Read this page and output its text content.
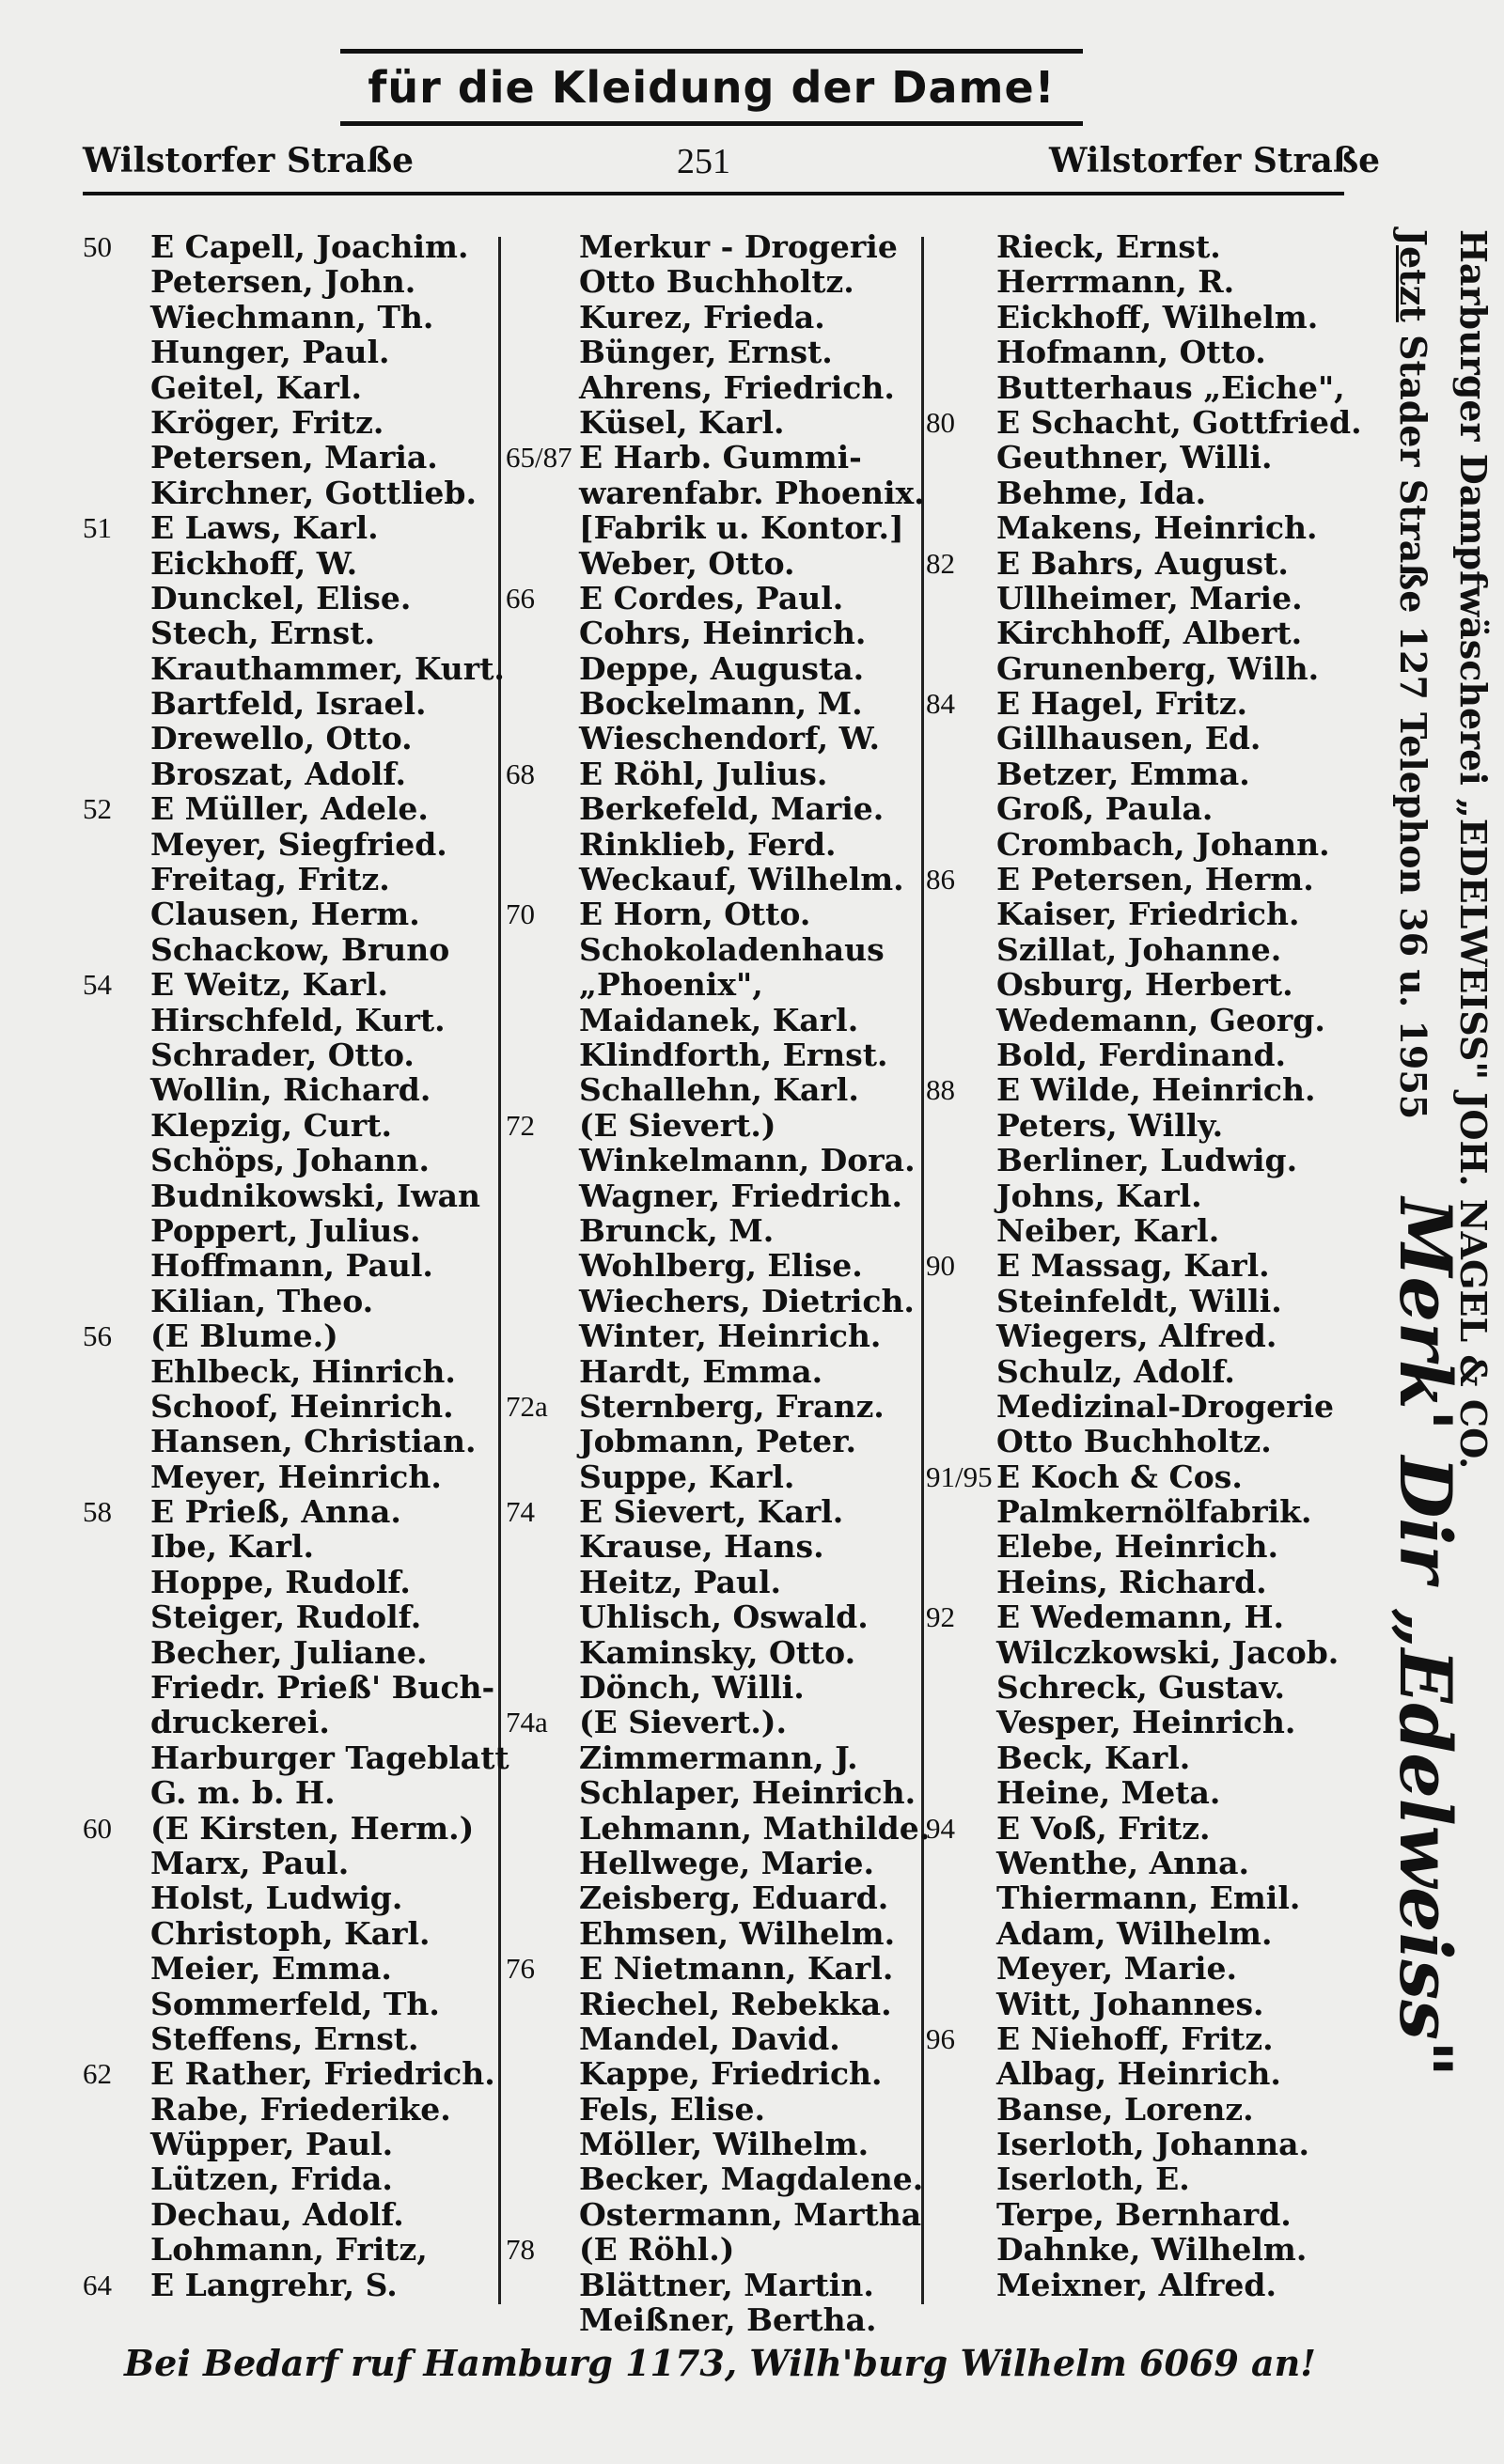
für die Kleidung der Dame!
Wilstorfer Straße	251	Wilstorfer Straße
50 E Capell, Joachim.
Petersen, John.
Wiechmann, Th.
Hunger, Paul.
Geitel, Karl.
Kröger, Fritz.
Petersen, Maria.
Kirchner, Gottlieb.
51 E Laws, Karl.
Eickhoff, W.
Dunckel, Elise.
Stech, Ernst.
Krauthammer, Kurt.
Bartfeld, Israel.
Drewello, Otto.
Broszat, Adolf.
52 E Müller, Adele.
Meyer, Siegfried.
Freitag, Fritz.
Clausen, Herm.
Schackow, Bruno
54 E Weitz, Karl.
Hirschfeld, Kurt.
Schrader, Otto.
Wollin, Richard.
Klepzig, Curt.
Schöps, Johann.
Budnikowski, Iwan
Poppert, Julius.
Hoffmann, Paul.
Kilian, Theo.
56 (E Blume.)
Ehlbeck, Hinrich.
Schoof, Heinrich.
Hansen, Christian.
Meyer, Heinrich.
58 E Prieß, Anna.
Ibe, Karl.
Hoppe, Rudolf.
Steiger, Rudolf.
Becher, Juliane.
Friedr. Prieß' Buch-
druckerei.
Harburger Tageblatt
G. m. b. H.
60 (E Kirsten, Herm.)
Marx, Paul.
Holst, Ludwig.
Christoph, Karl.
Meier, Emma.
Sommerfeld, Th.
Steffens, Ernst.
62 E Rather, Friedrich.
Rabe, Friederike.
Wüpper, Paul.
Lützen, Frida.
Dechau, Adolf.
Lohmann, Fritz,
64 E Langrehr, S.
Merkur - Drogerie
Otto Buchholtz.
Kurez, Frieda.
Bünger, Ernst.
Ahrens, Friedrich.
Küsel, Karl.
65/87 E Harb. Gummi-
warenfabr. Phoenix.
[Fabrik u. Kontor.]
Weber, Otto.
66 E Cordes, Paul.
Cohrs, Heinrich.
Deppe, Augusta.
Bockelmann, M.
Wieschendorf, W.
68 E Röhl, Julius.
Berkefeld, Marie.
Rinklieb, Ferd.
Weckauf, Wilhelm.
70 E Horn, Otto.
Schokoladenhaus
„Phoenix",
Maidanek, Karl.
Klindforth, Ernst.
Schallehn, Karl.
72 (E Sievert.)
Winkelmann, Dora.
Wagner, Friedrich.
Brunck, M.
Wohlberg, Elise.
Wiechers, Dietrich.
Winter, Heinrich.
Hardt, Emma.
72a Sternberg, Franz.
Jobmann, Peter.
Suppe, Karl.
74 E Sievert, Karl.
Krause, Hans.
Heitz, Paul.
Uhlisch, Oswald.
Kaminsky, Otto.
Dönch, Willi.
74a (E Sievert.).
Zimmermann, J.
Schlaper, Heinrich.
Lehmann, Mathilde.
Hellwege, Marie.
Zeisberg, Eduard.
Ehmsen, Wilhelm.
76 E Nietmann, Karl.
Riechel, Rebekka.
Mandel, David.
Kappe, Friedrich.
Fels, Elise.
Möller, Wilhelm.
Becker, Magdalene.
Ostermann, Martha
78 (E Röhl.)
Blättner, Martin.
Meißner, Bertha.
Rieck, Ernst.
Herrmann, R.
Eickhoff, Wilhelm.
Hofmann, Otto.
Butterhaus „Eiche",
80 E Schacht, Gottfried.
Geuthner, Willi.
Behme, Ida.
Makens, Heinrich.
82 E Bahrs, August.
Ullheimer, Marie.
Kirchhoff, Albert.
Grunenberg, Wilh.
84 E Hagel, Fritz.
Gillhausen, Ed.
Betzer, Emma.
Groß, Paula.
Crombach, Johann.
86 E Petersen, Herm.
Kaiser, Friedrich.
Szillat, Johanne.
Osburg, Herbert.
Wedemann, Georg.
Bold, Ferdinand.
88 E Wilde, Heinrich.
Peters, Willy.
Berliner, Ludwig.
Johns, Karl.
Neiber, Karl.
90 E Massag, Karl.
Steinfeldt, Willi.
Wiegers, Alfred.
Schulz, Adolf.
Medizinal-Drogerie
Otto Buchholtz.
91/95 E Koch & Cos.
Palmkernölfabrik.
Elebe, Heinrich.
Heins, Richard.
92 E Wedemann, H.
Wilczkowski, Jacob.
Schreck, Gustav.
Vesper, Heinrich.
Beck, Karl.
Heine, Meta.
94 E Voß, Fritz.
Wenthe, Anna.
Thiermann, Emil.
Adam, Wilhelm.
Meyer, Marie.
Witt, Johannes.
96 E Niehoff, Fritz.
Albag, Heinrich.
Banse, Lorenz.
Iserloth, Johanna.
Iserloth, E.
Terpe, Bernhard.
Dahnke, Wilhelm.
Meixner, Alfred.
Harburger Dampfwäscherei „EDELWEISS" JOH. NAGEL & CO.
Jetzt Stader Straße 127 Telephon 36 u. 1955 Merk' Dir „Edelweiss"
Bei Bedarf ruf Hamburg 1173, Wilh'burg Wilhelm 6069 an!
